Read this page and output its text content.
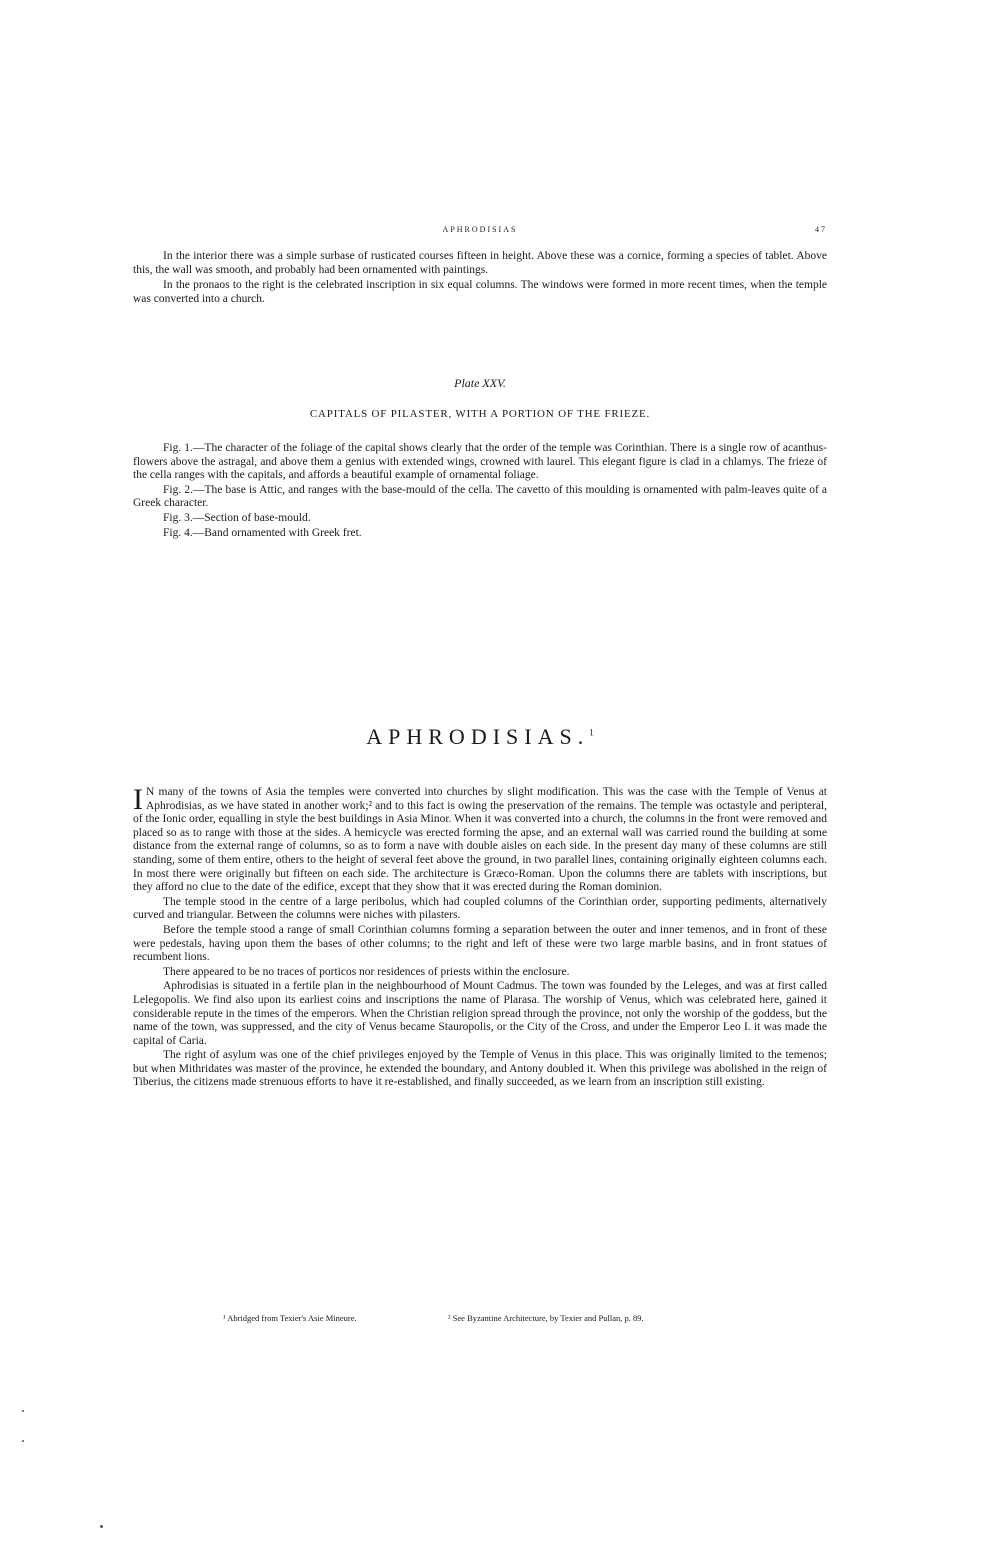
APHRODISIAS	47

In the interior there was a simple surbase of rusticated courses fifteen in height. Above these was a cornice, forming a species of tablet. Above this, the wall was smooth, and probably had been ornamented with paintings.

In the pronaos to the right is the celebrated inscription in six equal columns. The windows were formed in more recent times, when the temple was converted into a church.

Plate XXV.
CAPITALS OF PILASTER, WITH A PORTION OF THE FRIEZE.

Fig. 1.—The character of the foliage of the capital shows clearly that the order of the temple was Corinthian. There is a single row of acanthus-flowers above the astragal, and above them a genius with extended wings, crowned with laurel. This elegant figure is clad in a chlamys. The frieze of the cella ranges with the capitals, and affords a beautiful example of ornamental foliage.

Fig. 2.—The base is Attic, and ranges with the base-mould of the cella. The cavetto of this moulding is ornamented with palm-leaves quite of a Greek character.

Fig. 3.—Section of base-mould.

Fig. 4.—Band ornamented with Greek fret.

APHRODISIAS.$^1$

I N many of the towns of Asia the temples were converted into churches by slight modification. This was the case with the Temple of Venus at Aphrodisias, as we have stated in another work;² and to this fact is owing the preservation of the remains. The temple was octastyle and peripteral, of the Ionic order, equalling in style the best buildings in Asia Minor. When it was converted into a church, the columns in the front were removed and placed so as to range with those at the sides. A hemicycle was erected forming the apse, and an external wall was carried round the building at some distance from the external range of columns, so as to form a nave with double aisles on each side. In the present day many of these columns are still standing, some of them entire, others to the height of several feet above the ground, in two parallel lines, containing originally eighteen columns each. In most there were originally but fifteen on each side. The architecture is Græco-Roman. Upon the columns there are tablets with inscriptions, but they afford no clue to the date of the edifice, except that they show that it was erected during the Roman dominion.

The temple stood in the centre of a large peribolus, which had coupled columns of the Corinthian order, supporting pediments, alternatively curved and triangular. Between the columns were niches with pilasters.

Before the temple stood a range of small Corinthian columns forming a separation between the outer and inner temenos, and in front of these were pedestals, having upon them the bases of other columns; to the right and left of these were two large marble basins, and in front statues of recumbent lions.

There appeared to be no traces of porticos nor residences of priests within the enclosure.

Aphrodisias is situated in a fertile plan in the neighbourhood of Mount Cadmus. The town was founded by the Leleges, and was at first called Lelegopolis. We find also upon its earliest coins and inscriptions the name of Plarasa. The worship of Venus, which was celebrated here, gained it considerable repute in the times of the emperors. When the Christian religion spread through the province, not only the worship of the goddess, but the name of the town, was suppressed, and the city of Venus became Stauropolis, or the City of the Cross, and under the Emperor Leo I. it was made the capital of Caria.

The right of asylum was one of the chief privileges enjoyed by the Temple of Venus in this place. This was originally limited to the temenos; but when Mithridates was master of the province, he extended the boundary, and Antony doubled it. When this privilege was abolished in the reign of Tiberius, the citizens made strenuous efforts to have it re-established, and finally succeeded, as we learn from an inscription still existing.

¹ Abridged from Texier's Asie Mineure.	² See Byzantine Architecture, by Texier and Pullan, p. 89.
